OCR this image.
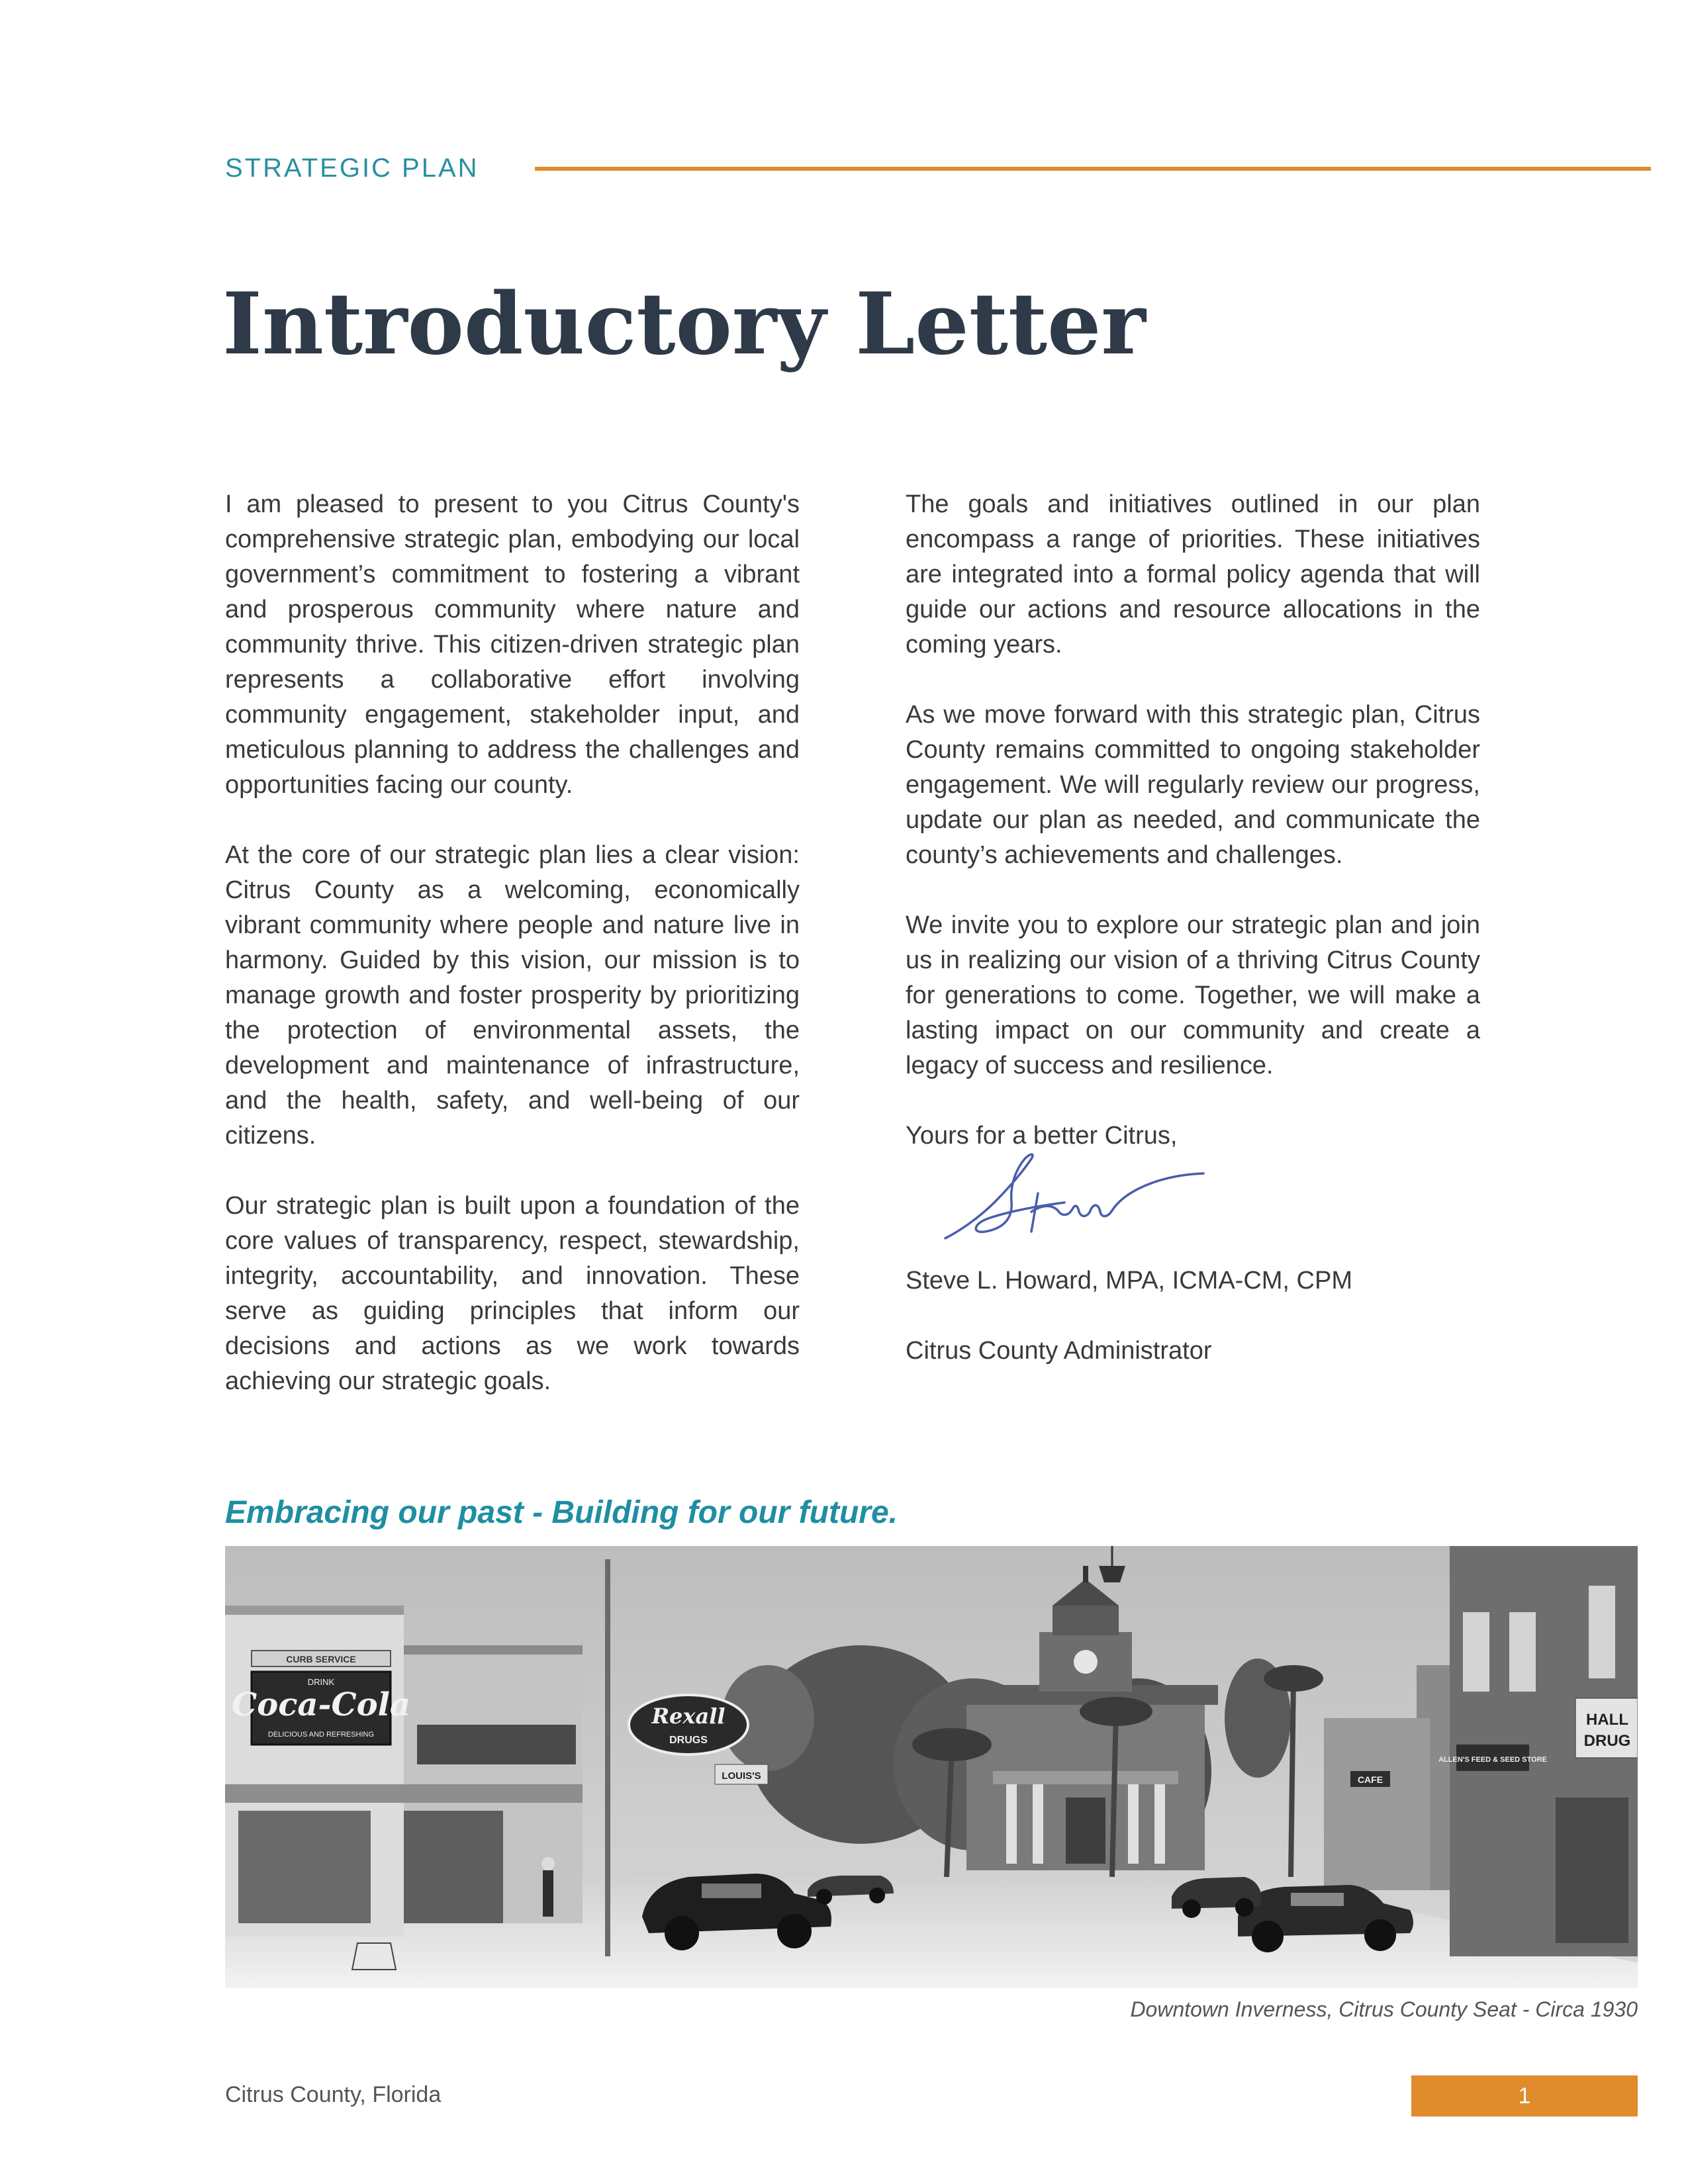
STRATEGIC PLAN
Introductory Letter

I am pleased to present to you Citrus County's comprehensive strategic plan, embodying our local government’s commitment to fostering a vibrant and prosperous community where nature and community thrive. This citizen-driven strategic plan represents a collaborative effort involving community engagement, stakeholder input, and meticulous planning to address the challenges and opportunities facing our county.

At the core of our strategic plan lies a clear vision: Citrus County as a welcoming, economically vibrant community where people and nature live in harmony. Guided by this vision, our mission is to manage growth and foster prosperity by prioritizing the protection of environmental assets, the development and maintenance of infrastructure, and the health, safety, and well-being of our citizens.

Our strategic plan is built upon a foundation of the core values of transparency, respect, stewardship, integrity, accountability, and innovation. These serve as guiding principles that inform our decisions and actions as we work towards achieving our strategic goals.

The goals and initiatives outlined in our plan encompass a range of priorities. These initiatives are integrated into a formal policy agenda that will guide our actions and resource allocations in the coming years.

As we move forward with this strategic plan, Citrus County remains committed to ongoing stakeholder engagement. We will regularly review our progress, update our plan as needed, and communicate the county’s achievements and challenges.

We invite you to explore our strategic plan and join us in realizing our vision of a thriving Citrus County for generations to come. Together, we will make a lasting impact on our community and create a legacy of success and resilience.

Yours for a better Citrus,

Steve L. Howard, MPA, ICMA-CM, CPM

Citrus County Administrator

Embracing our past - Building for our future.

CURB SERVICE
DRINK
Coca-Cola
DELICIOUS AND REFRESHING
Rexall
DRUGS
LOUIS'S
ALLEN'S FEED & SEED STORE
CAFE
HALL
DRUG
Downtown Inverness, Citrus County Seat - Circa 1930
Citrus County, Florida	1
